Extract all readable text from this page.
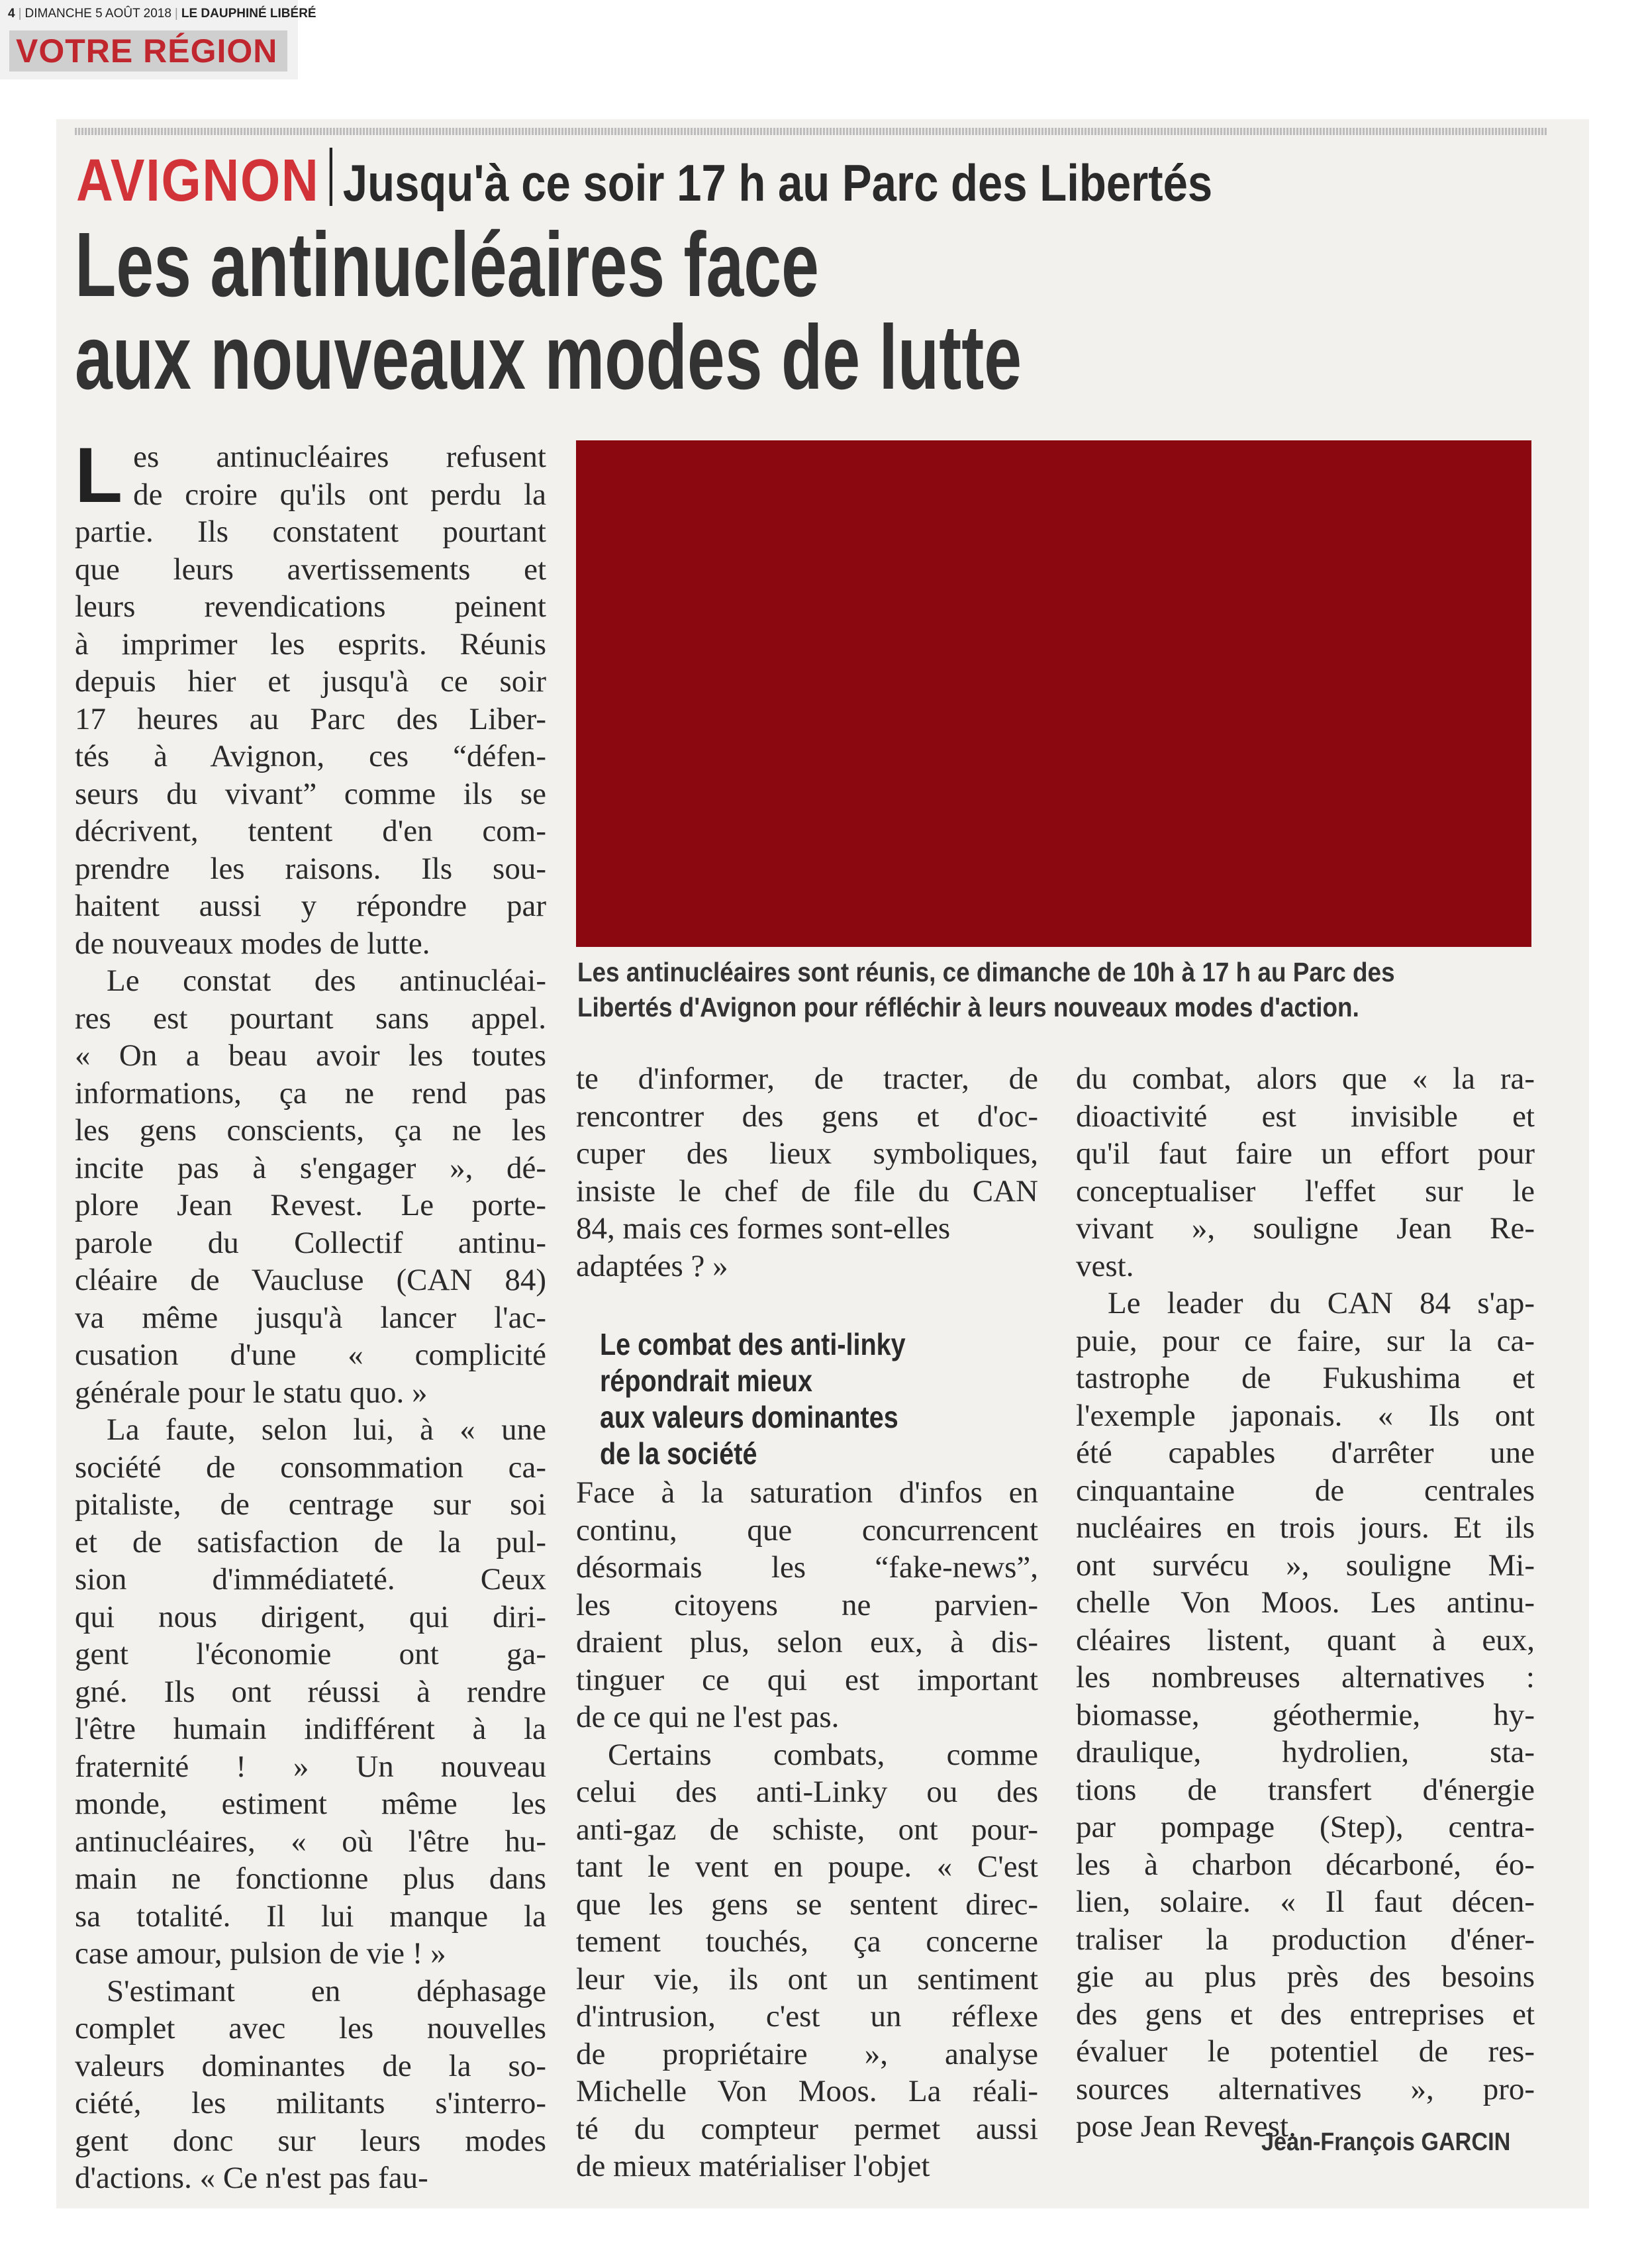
4 | DIMANCHE 5 AOÛT 2018 | LE DAUPHINÉ LIBÉRÉ
VOTRE RÉGION
AVIGNON Jusqu'à ce soir 17 h au Parc des Libertés
Les antinucléaires face
aux nouveaux modes de lutte
Les antinucléaires sont réunis, ce dimanche de 10h à 17 h au Parc des
Libertés d'Avignon pour réfléchir à leurs nouveaux modes d'action.
L es antinucléaires refusent
de croire qu'ils ont perdu la
partie. Ils constatent pourtant
que leurs avertissements et
leurs revendications peinent
à imprimer les esprits. Réunis
depuis hier et jusqu'à ce soir
17 heures au Parc des Liber-
tés à Avignon, ces “défen-
seurs du vivant” comme ils se
décrivent, tentent d'en com-
prendre les raisons. Ils sou-
haitent aussi y répondre par
de nouveaux modes de lutte.
Le constat des antinucléai-
res est pourtant sans appel.
« On a beau avoir les toutes
informations, ça ne rend pas
les gens conscients, ça ne les
incite pas à s'engager », dé-
plore Jean Revest. Le porte-
parole du Collectif antinu-
cléaire de Vaucluse (CAN 84)
va même jusqu'à lancer l'ac-
cusation d'une « complicité
générale pour le statu quo. »
La faute, selon lui, à « une
société de consommation ca-
pitaliste, de centrage sur soi
et de satisfaction de la pul-
sion d'immédiateté. Ceux
qui nous dirigent, qui diri-
gent l'économie ont ga-
gné. Ils ont réussi à rendre
l'être humain indifférent à la
fraternité ! » Un nouveau
monde, estiment même les
antinucléaires, « où l'être hu-
main ne fonctionne plus dans
sa totalité. Il lui manque la
case amour, pulsion de vie ! »
S'estimant en déphasage
complet avec les nouvelles
valeurs dominantes de la so-
ciété, les militants s'interro-
gent donc sur leurs modes
d'actions. « Ce n'est pas fau-
te d'informer, de tracter, de
rencontrer des gens et d'oc-
cuper des lieux symboliques,
insiste le chef de file du CAN
84, mais ces formes sont-elles
adaptées ? »
Le combat des anti-linky
répondrait mieux
aux valeurs dominantes
de la société
Face à la saturation d'infos en
continu, que concurrencent
désormais les “fake-news”,
les citoyens ne parvien-
draient plus, selon eux, à dis-
tinguer ce qui est important
de ce qui ne l'est pas.
Certains combats, comme
celui des anti-Linky ou des
anti-gaz de schiste, ont pour-
tant le vent en poupe. « C'est
que les gens se sentent direc-
tement touchés, ça concerne
leur vie, ils ont un sentiment
d'intrusion, c'est un réflexe
de propriétaire », analyse
Michelle Von Moos. La réali-
té du compteur permet aussi
de mieux matérialiser l'objet
du combat, alors que « la ra-
dioactivité est invisible et
qu'il faut faire un effort pour
conceptualiser l'effet sur le
vivant », souligne Jean Re-
vest.
Le leader du CAN 84 s'ap-
puie, pour ce faire, sur la ca-
tastrophe de Fukushima et
l'exemple japonais. « Ils ont
été capables d'arrêter une
cinquantaine de centrales
nucléaires en trois jours. Et ils
ont survécu », souligne Mi-
chelle Von Moos. Les antinu-
cléaires listent, quant à eux,
les nombreuses alternatives :
biomasse, géothermie, hy-
draulique, hydrolien, sta-
tions de transfert d'énergie
par pompage (Step), centra-
les à charbon décarboné, éo-
lien, solaire. « Il faut décen-
traliser la production d'éner-
gie au plus près des besoins
des gens et des entreprises et
évaluer le potentiel de res-
sources alternatives », pro-
pose Jean Revest.
Jean-François GARCIN
